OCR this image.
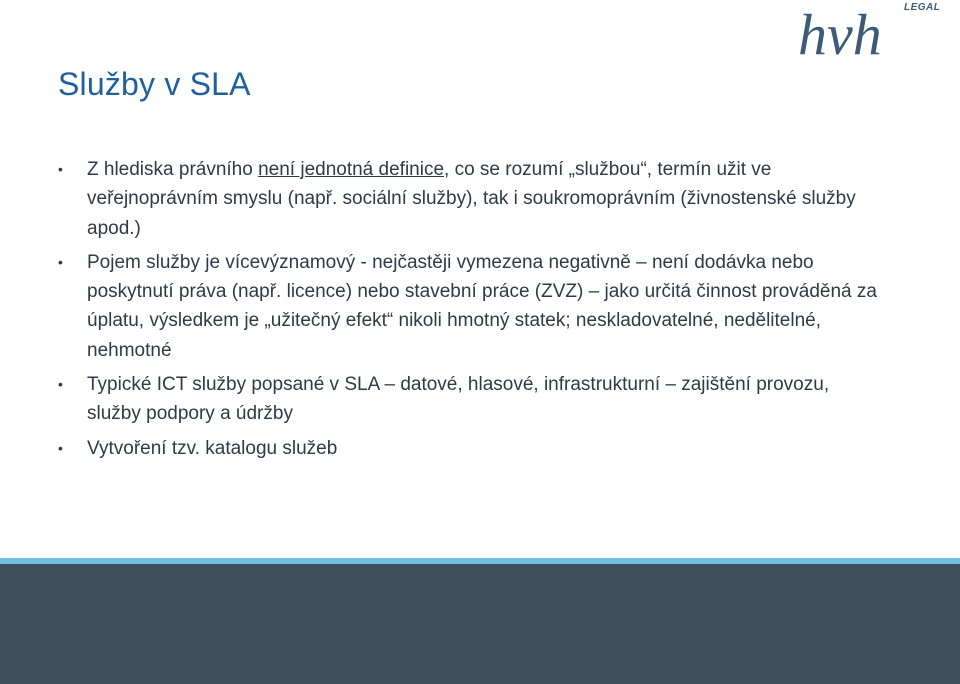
Služby v SLA
hvh LEGAL
• Z hlediska právního není jednotná definice, co se rozumí „službou“, termín užit ve veřejnoprávním smyslu (např. sociální služby), tak i soukromoprávním (živnostenské služby apod.)
• Pojem služby je vícevýznamový - nejčastěji vymezena negativně – není dodávka nebo poskytnutí práva (např. licence) nebo stavební práce (ZVZ) – jako určitá činnost prováděná za úplatu, výsledkem je „užitečný efekt“ nikoli hmotný statek; neskladovatelné, nedělitelné, nehmotné
• Typické ICT služby popsané v SLA – datové, hlasové, infrastrukturní – zajištění provozu, služby podpory a údržby
• Vytvoření tzv. katalogu služeb
